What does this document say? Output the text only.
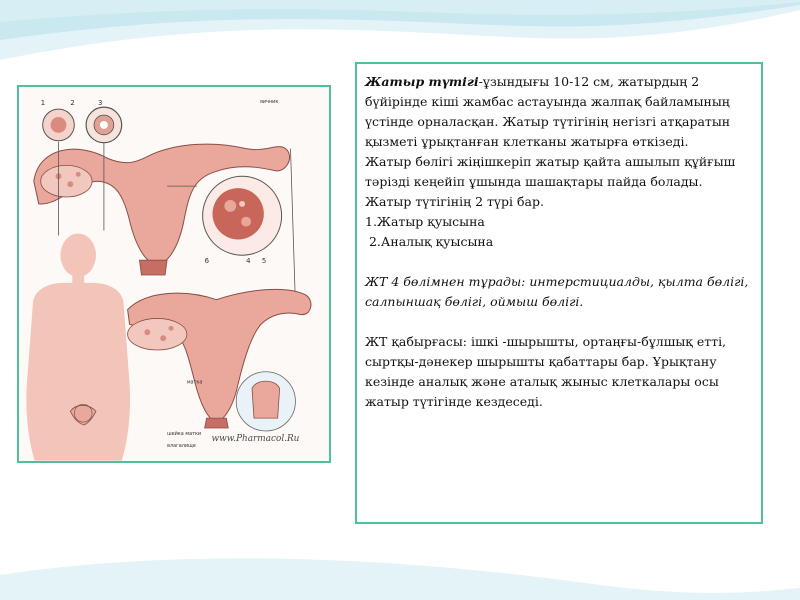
1	2	3
4 5
6
яичник
матка
шейка матки
влагалище
www.Pharmacol.Ru

Жатыр түтігі-ұзындығы 10-12 см, жатырдың 2 бүйірінде кіші жамбас астауында жалпақ байламының үстінде орналасқан. Жатыр түтігінің негізгі атқаратын қызметі ұрықтанған клетканы жатырға өткізеді.

Жатыр бөлігі жіңішкеріп жатыр қайта ашылып құйғыш тәрізді кеңейіп ұшында шашақтары пайда болады.

Жатыр түтігінің 2 түрі бар.

1.Жатыр қуысына

2.Аналық қуысына

ЖТ 4 бөлімнен тұрады: интерстициалды, қылта бөлігі, салпыншақ бөлігі, оймыш бөлігі.

ЖТ қабырғасы: ішкі -шырышты, ортаңғы-бұлшық етті, сыртқы-дәнекер шырышты қабаттары бар. Ұрықтану кезінде аналық және аталық жыныс клеткалары осы жатыр түтігінде кездеседі.
